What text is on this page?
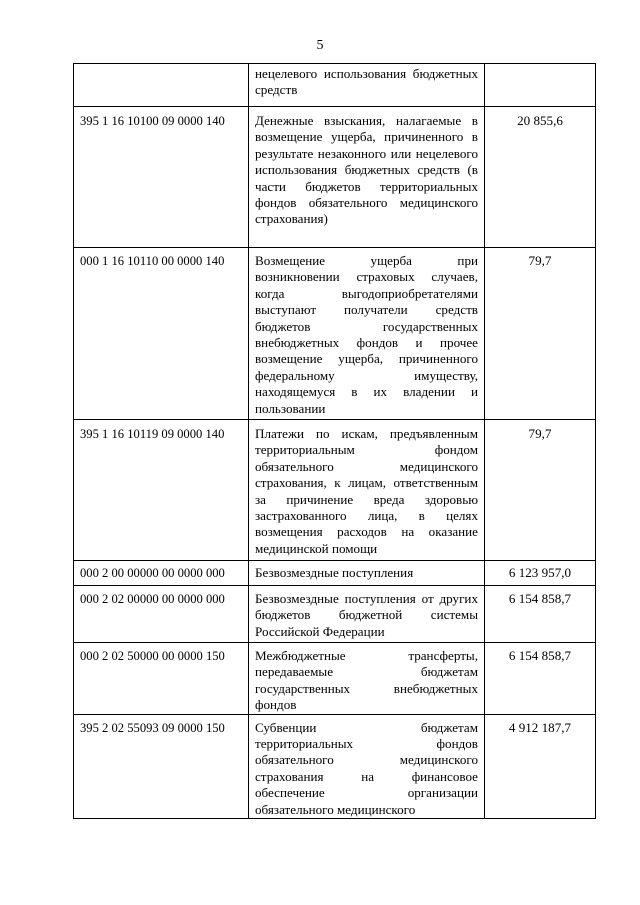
5
	нецелевого использования бюджетных средств	
395 1 16 10100 09 0000 140	Денежные взыскания, налагаемые в возмещение ущерба, причиненного в результате незаконного или нецелевого использования бюджетных средств (в части бюджетов территориальных фондов обязательного медицинского страхования)	20 855,6
000 1 16 10110 00 0000 140	Возмещение ущерба при возникновении страховых случаев, когда выгодоприобретателями выступают получатели средств бюджетов государственных внебюджетных фондов и прочее возмещение ущерба, причиненного федеральному имуществу, находящемуся в их владении и пользовании	79,7
395 1 16 10119 09 0000 140	Платежи по искам, предъявленным территориальным фондом обязательного медицинского страхования, к лицам, ответственным за причинение вреда здоровью застрахованного лица, в целях возмещения расходов на оказание медицинской помощи	79,7
000 2 00 00000 00 0000 000	Безвозмездные поступления	6 123 957,0
000 2 02 00000 00 0000 000	Безвозмездные поступления от других бюджетов бюджетной системы Российской Федерации	6 154 858,7
000 2 02 50000 00 0000 150	Межбюджетные трансферты, передаваемые бюджетам государственных внебюджетных фондов	6 154 858,7
395 2 02 55093 09 0000 150	Субвенции бюджетам территориальных фондов обязательного медицинского страхования на финансовое обеспечение организации обязательного медицинского	4 912 187,7
